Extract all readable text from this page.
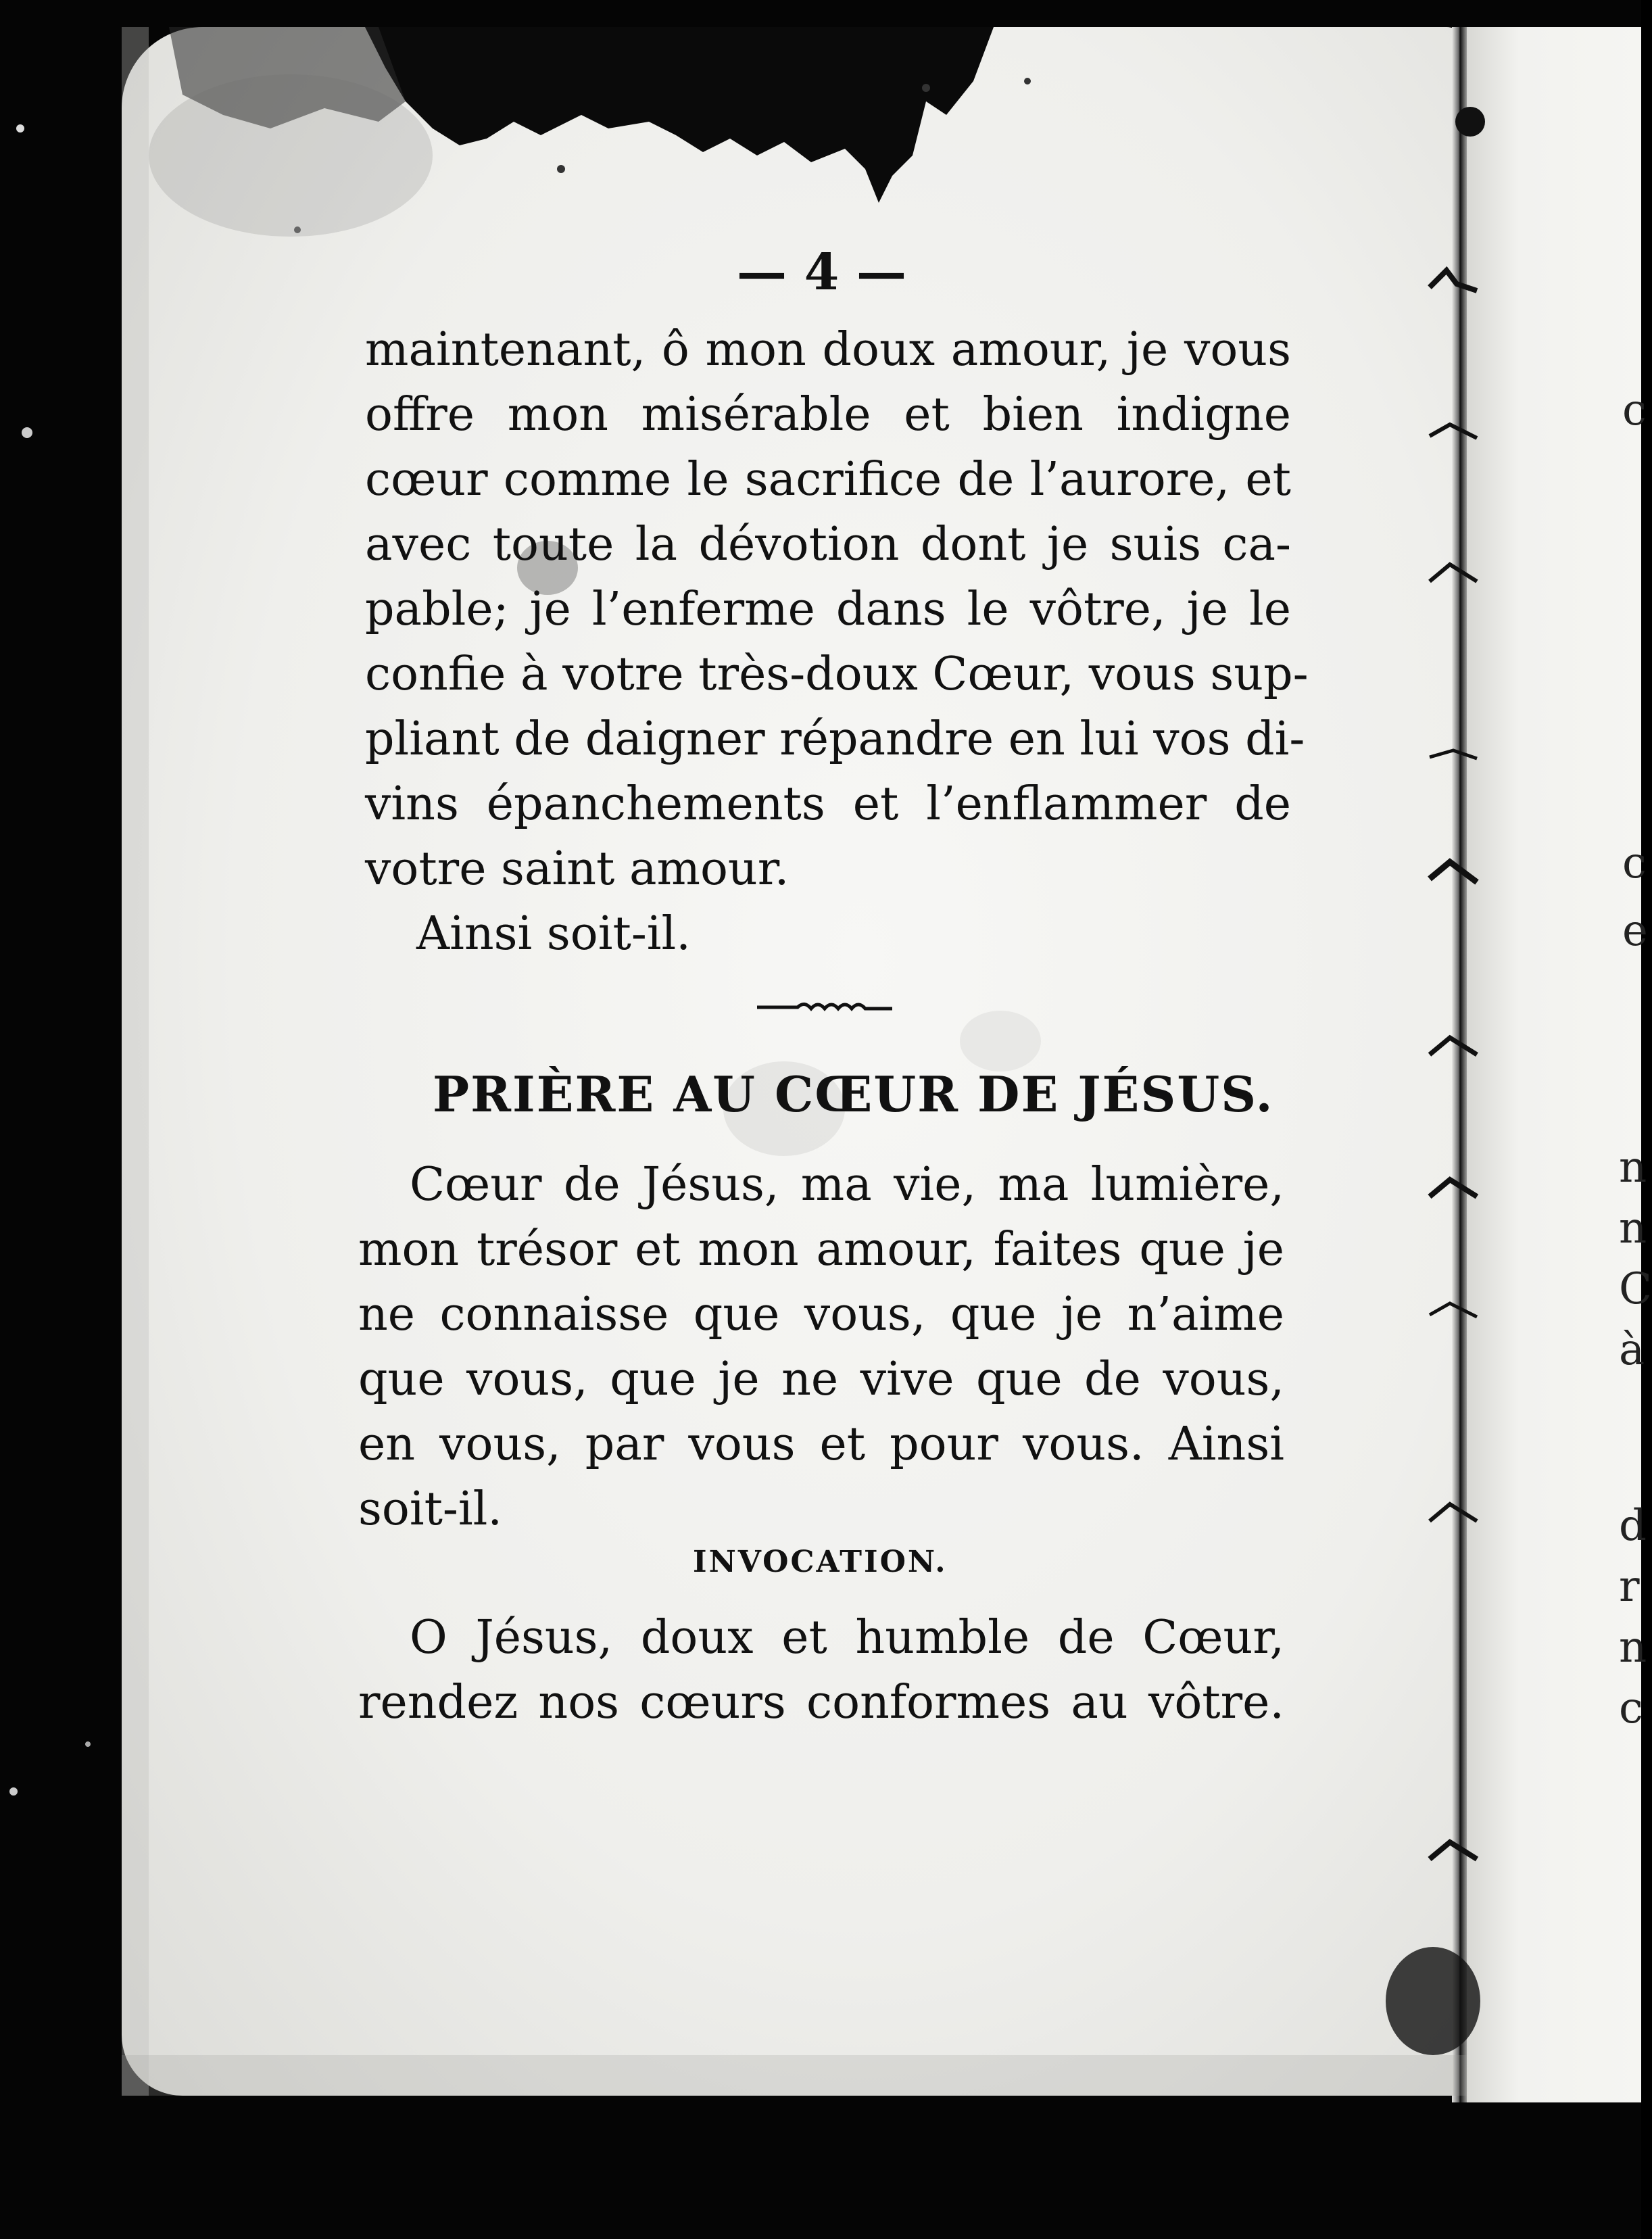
— 4 —
maintenant, ô mon doux amour, je vous
offre mon misérable et bien indigne
cœur comme le sacrifice de l’aurore, et
avec toute la dévotion dont je suis ca-
pable; je l’enferme dans le vôtre, je le
confie à votre très-doux Cœur, vous sup-
pliant de daigner répandre en lui vos di-
vins épanchements et l’enflammer de
votre saint amour.
Ainsi soit-il.
PRIÈRE AU CŒUR DE JÉSUS.
Cœur de Jésus, ma vie, ma lumière,
mon trésor et mon amour, faites que je
ne connaisse que vous, que je n’aime
que vous, que je ne vive que de vous,
en vous, par vous et pour vous. Ainsi
soit-il.
INVOCATION.
O Jésus, doux et humble de Cœur,
rendez nos cœurs conformes au vôtre.
c
c
e
n
n
C
à
d
r
n
c
